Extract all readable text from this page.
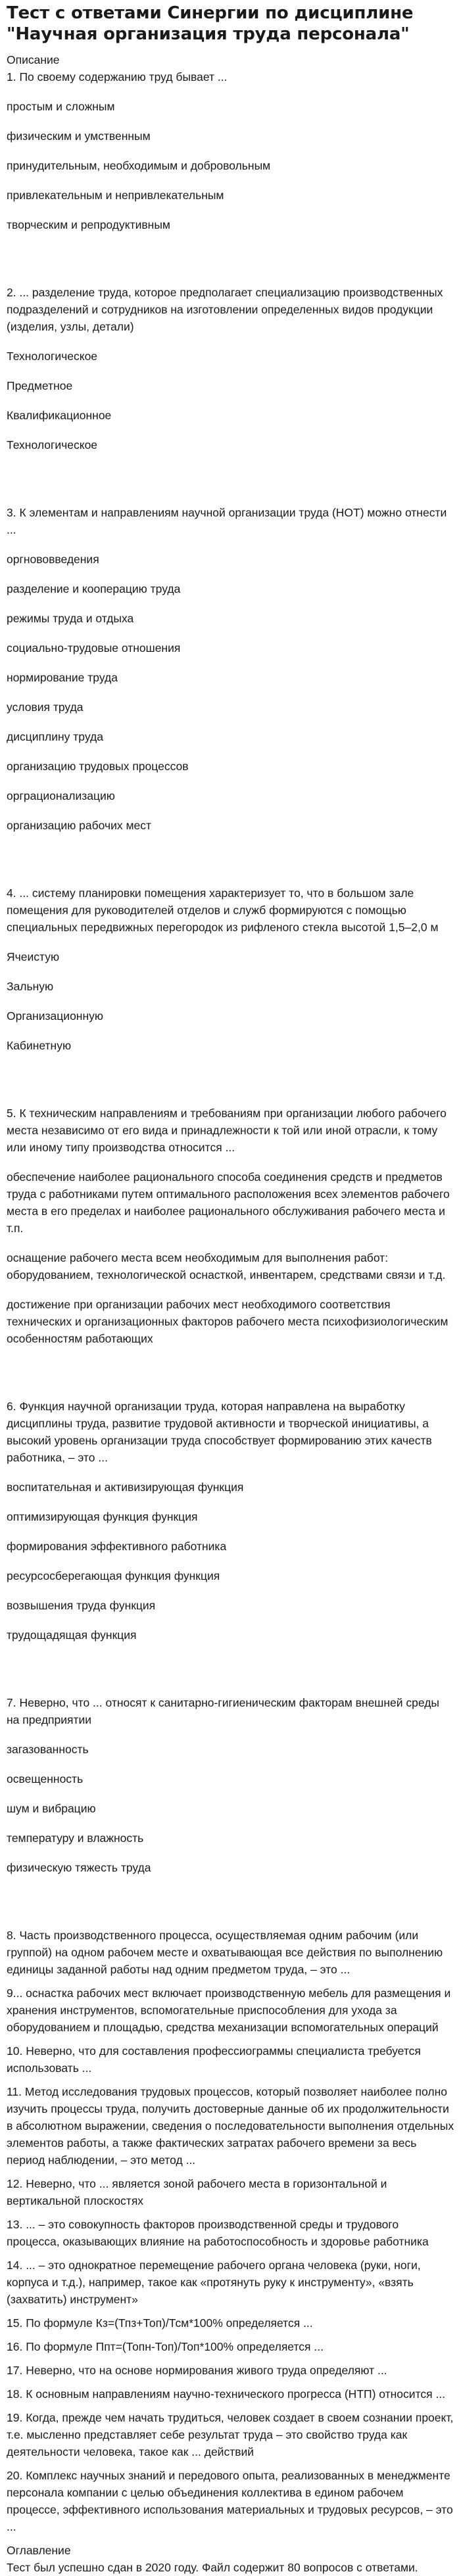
Тест с ответами Синергии по дисциплине "Научная организация труда персонала"
Описание
1. По своему содержанию труд бывает ...
простым и сложным
физическим и умственным
принудительным, необходимым и добровольным
привлекательным и непривлекательным
творческим и репродуктивным
2. ... разделение труда, которое предполагает специализацию производственных подразделений и сотрудников на изготовлении определенных видов продукции (изделия, узлы, детали)
Технологическое
Предметное
Квалификационное
Технологическое
3. К элементам и направлениям научной организации труда (НОТ) можно отнести ...
оргнововведения
разделение и кооперацию труда
режимы труда и отдыха
социально-трудовые отношения
нормирование труда
условия труда
дисциплину труда
организацию трудовых процессов
орграционализацию
организацию рабочих мест
4. ... систему планировки помещения характеризует то, что в большом зале помещения для руководителей отделов и служб формируются с помощью специальных передвижных перегородок из рифленого стекла высотой 1,5–2,0 м
Ячеистую
Зальную
Организационную
Кабинетную
5. К техническим направлениям и требованиям при организации любого рабочего места независимо от его вида и принадлежности к той или иной отрасли, к тому или иному типу производства относится ...
обеспечение наиболее рационального способа соединения средств и предметов труда с работниками путем оптимального расположения всех элементов рабочего места в его пределах и наиболее рационального обслуживания рабочего места и т.п.
оснащение рабочего места всем необходимым для выполнения работ: оборудованием, технологической оснасткой, инвентарем, средствами связи и т.д.
достижение при организации рабочих мест необходимого соответствия технических и организационных факторов рабочего места психофизиологическим особенностям работающих
6. Функция научной организации труда, которая направлена на выработку дисциплины труда, развитие трудовой активности и творческой инициативы, а высокий уровень организации труда способствует формированию этих качеств работника, – это ...
воспитательная и активизирующая функция
оптимизирующая функция функция
формирования эффективного работника
ресурсосберегающая функция функция
возвышения труда функция
трудощадящая функция
7. Неверно, что ... относят к санитарно-гигиеническим факторам внешней среды на предприятии
загазованность
освещенность
шум и вибрацию
температуру и влажность
физическую тяжесть труда
8. Часть производственного процесса, осуществляемая одним рабочим (или группой) на одном рабочем месте и охватывающая все действия по выполнению единицы заданной работы над одним предметом труда, – это ...
9... оснастка рабочих мест включает производственную мебель для размещения и хранения инструментов, вспомогательные приспособления для ухода за оборудованием и площадью, средства механизации вспомогательных операций
10. Неверно, что для составления профессиограммы специалиста требуется использовать ...
11. Метод исследования трудовых процессов, который позволяет наиболее полно изучить процессы труда, получить достоверные данные об их продолжительности в абсолютном выражении, сведения о последовательности выполнения отдельных элементов работы, а также фактических затратах рабочего времени за весь период наблюдении, – это метод ...
12. Неверно, что ... является зоной рабочего места в горизонтальной и вертикальной плоскостях
13. ... – это совокупность факторов производственной среды и трудового процесса, оказывающих влияние на работоспособность и здоровье работника
14. ... – это однократное перемещение рабочего органа человека (руки, ноги, корпуса и т.д.), например, такое как «протянуть руку к инструменту», «взять (захватить) инструмент»
15. По формуле Кз=(Тпз+Топ)/Тсм*100% определяется ...
16. По формуле Ппт=(Топн-Топ)/Топ*100% определяется ...
17. Неверно, что на основе нормирования живого труда определяют ...
18. К основным направлениям научно-технического прогресса (НТП) относится ...
19. Когда, прежде чем начать трудиться, человек создает в своем сознании проект, т.е. мысленно представляет себе результат труда – это свойство труда как деятельности человека, такое как ... действий
20. Комплекс научных знаний и передового опыта, реализованных в менеджменте персонала компании с целью объединения коллектива в едином рабочем процессе, эффективного использования материальных и трудовых ресурсов, – это ...
Оглавление
Тест был успешно сдан в 2020 году. Файл содержит 80 вопросов с ответами.
